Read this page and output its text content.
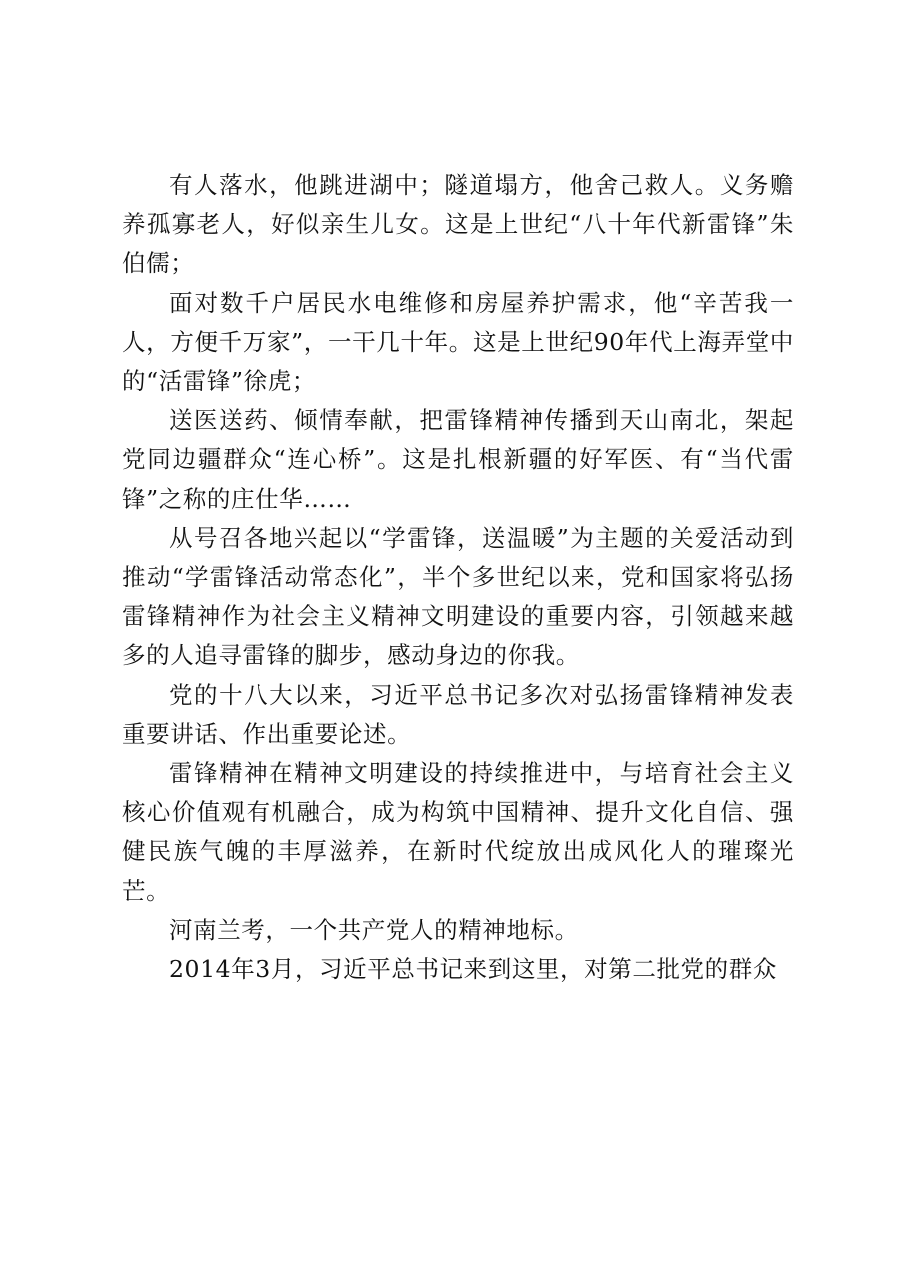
有人落水，他跳进湖中；隧道塌方，他舍己救人。义务赡养孤寡老人，好似亲生儿女。这是上世纪“八十年代新雷锋”朱伯儒；

面对数千户居民水电维修和房屋养护需求，他“辛苦我一人，方便千万家”，一干几十年。这是上世纪90年代上海弄堂中的“活雷锋”徐虎；

送医送药、倾情奉献，把雷锋精神传播到天山南北，架起党同边疆群众“连心桥”。这是扎根新疆的好军医、有“当代雷锋”之称的庄仕华……

从号召各地兴起以“学雷锋，送温暖”为主题的关爱活动到推动“学雷锋活动常态化”，半个多世纪以来，党和国家将弘扬雷锋精神作为社会主义精神文明建设的重要内容，引领越来越多的人追寻雷锋的脚步，感动身边的你我。

党的十八大以来，习近平总书记多次对弘扬雷锋精神发表重要讲话、作出重要论述。

雷锋精神在精神文明建设的持续推进中，与培育社会主义核心价值观有机融合，成为构筑中国精神、提升文化自信、强健民族气魄的丰厚滋养，在新时代绽放出成风化人的璀璨光芒。

河南兰考，一个共产党人的精神地标。

2014年3月，习近平总书记来到这里，对第二批党的群众
